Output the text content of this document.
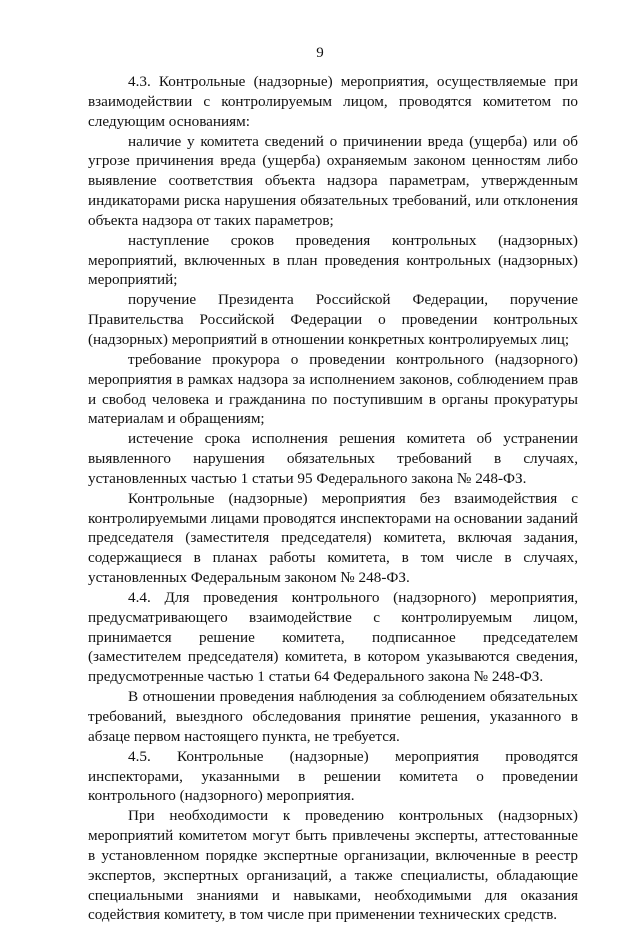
9

4.3. Контрольные (надзорные) мероприятия, осуществляемые при взаимодействии с контролируемым лицом, проводятся комитетом по следующим основаниям:

наличие у комитета сведений о причинении вреда (ущерба) или об угрозе причинения вреда (ущерба) охраняемым законом ценностям либо выявление соответствия объекта надзора параметрам, утвержденным индикаторами риска нарушения обязательных требований, или отклонения объекта надзора от таких параметров;

наступление сроков проведения контрольных (надзорных) мероприятий, включенных в план проведения контрольных (надзорных) мероприятий;

поручение Президента Российской Федерации, поручение Правительства Российской Федерации о проведении контрольных (надзорных) мероприятий в отношении конкретных контролируемых лиц;

требование прокурора о проведении контрольного (надзорного) мероприятия в рамках надзора за исполнением законов, соблюдением прав и свобод человека и гражданина по поступившим в органы прокуратуры материалам и обращениям;

истечение срока исполнения решения комитета об устранении выявленного нарушения обязательных требований в случаях, установленных частью 1 статьи 95 Федерального закона № 248-ФЗ.

Контрольные (надзорные) мероприятия без взаимодействия с контролируемыми лицами проводятся инспекторами на основании заданий председателя (заместителя председателя) комитета, включая задания, содержащиеся в планах работы комитета, в том числе в случаях, установленных Федеральным законом № 248-ФЗ.

4.4. Для проведения контрольного (надзорного) мероприятия, предусматривающего взаимодействие с контролируемым лицом, принимается решение комитета, подписанное председателем (заместителем председателя) комитета, в котором указываются сведения, предусмотренные частью 1 статьи 64 Федерального закона № 248-ФЗ.

В отношении проведения наблюдения за соблюдением обязательных требований, выездного обследования принятие решения, указанного в абзаце первом настоящего пункта, не требуется.

4.5. Контрольные (надзорные) мероприятия проводятся инспекторами, указанными в решении комитета о проведении контрольного (надзорного) мероприятия.

При необходимости к проведению контрольных (надзорных) мероприятий комитетом могут быть привлечены эксперты, аттестованные в установленном порядке экспертные организации, включенные в реестр экспертов, экспертных организаций, а также специалисты, обладающие специальными знаниями и навыками, необходимыми для оказания содействия комитету, в том числе при применении технических средств.
